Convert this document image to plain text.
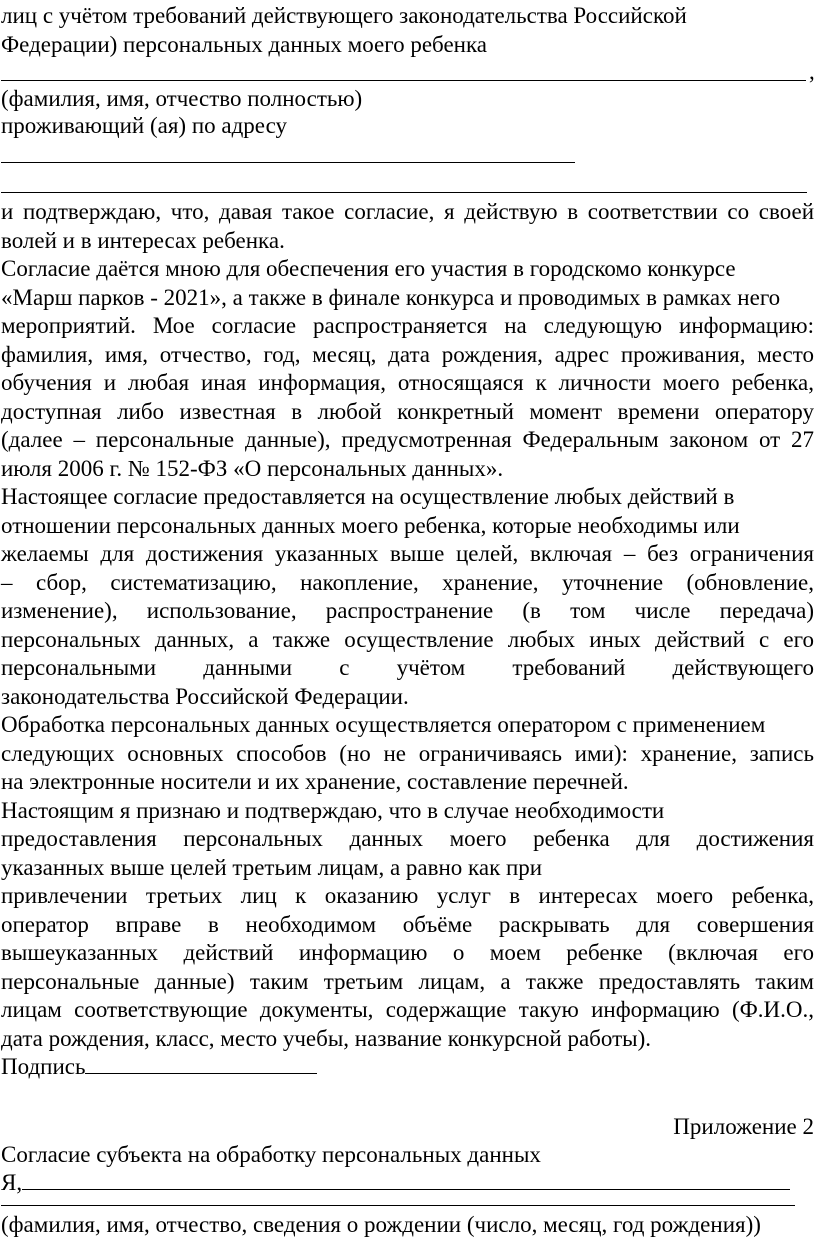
лиц с учётом требований действующего законодательства Российской
Федерации) персональных данных моего ребенка
,
(фамилия, имя, отчество полностью)
проживающий (ая) по адресу
и подтверждаю, что, давая такое согласие, я действую в соответствии со своей
волей и в интересах ребенка.
Согласие даётся мною для обеспечения его участия в городскомо конкурсе
«Марш парков - 2021», а также в финале конкурса и проводимых в рамках него
мероприятий. Мое согласие распространяется на следующую информацию:
фамилия, имя, отчество, год, месяц, дата рождения, адрес проживания, место
обучения и любая иная информация, относящаяся к личности моего ребенка,
доступная либо известная в любой конкретный момент времени оператору
(далее – персональные данные), предусмотренная Федеральным законом от 27
июля 2006 г. № 152-ФЗ «О персональных данных».
Настоящее согласие предоставляется на осуществление любых действий в
отношении персональных данных моего ребенка, которые необходимы или
желаемы для достижения указанных выше целей, включая – без ограничения
– сбор, систематизацию, накопление, хранение, уточнение (обновление,
изменение), использование, распространение (в том числе передача)
персональных данных, а также осуществление любых иных действий с его
персональными данными с учётом требований действующего
законодательства Российской Федерации.
Обработка персональных данных осуществляется оператором с применением
следующих основных способов (но не ограничиваясь ими): хранение, запись
на электронные носители и их хранение, составление перечней.
Настоящим я признаю и подтверждаю, что в случае необходимости
предоставления персональных данных моего ребенка для достижения
указанных выше целей третьим лицам, а равно как при
привлечении третьих лиц к оказанию услуг в интересах моего ребенка,
оператор вправе в необходимом объёме раскрывать для совершения
вышеуказанных действий информацию о моем ребенке (включая его
персональные данные) таким третьим лицам, а также предоставлять таким
лицам соответствующие документы, содержащие такую информацию (Ф.И.О.,
дата рождения, класс, место учебы, название конкурсной работы).
Подпись
Приложение 2
Согласие субъекта на обработку персональных данных
Я,
(фамилия, имя, отчество, сведения о рождении (число, месяц, год рождения))
